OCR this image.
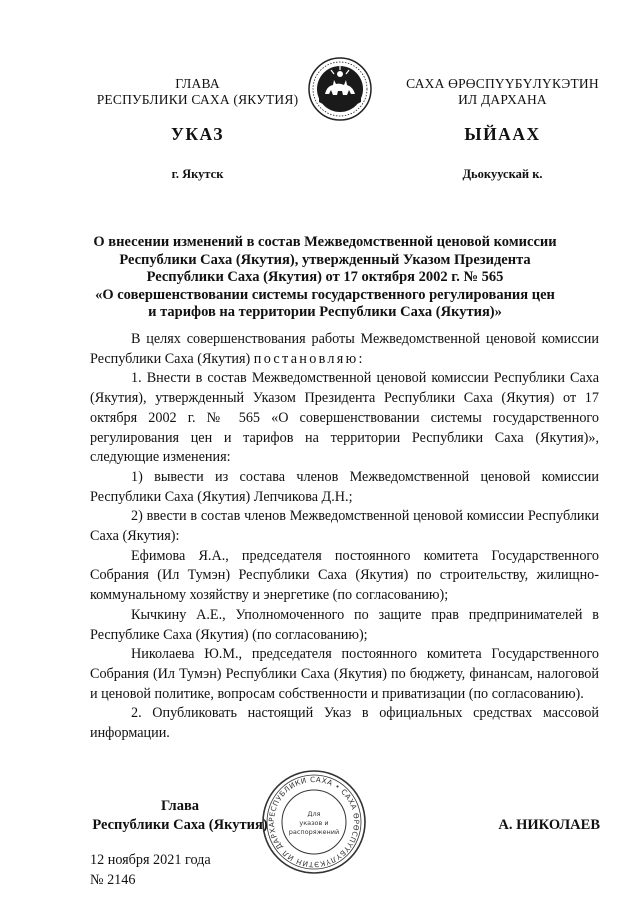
ГЛАВА
РЕСПУБЛИКИ САХА (ЯКУТИЯ)
САХА ӨРӨСПҮҮБҮЛҮКЭТИН
ИЛ ДАРХАНА
УКАЗ	ЫЙААХ
г. Якутск	Дьокуускай к.
О внесении изменений в состав Межведомственной ценовой комиссии
Республики Саха (Якутия), утвержденный Указом Президента
Республики Саха (Якутия) от 17 октября 2002 г. № 565
«О совершенствовании системы государственного регулирования цен
и тарифов на территории Республики Саха (Якутия)»

В целях совершенствования работы Межведомственной ценовой комиссии Республики Саха (Якутия) постановляю:

1. Внести в состав Межведомственной ценовой комиссии Республики Саха (Якутия), утвержденный Указом Президента Республики Саха (Якутия) от 17 октября 2002 г. № 565 «О совершенствовании системы государственного регулирования цен и тарифов на территории Республики Саха (Якутия)», следующие изменения:

1) вывести из состава членов Межведомственной ценовой комиссии Республики Саха (Якутия) Лепчикова Д.Н.;

2) ввести в состав членов Межведомственной ценовой комиссии Республики Саха (Якутия):

Ефимова Я.А., председателя постоянного комитета Государственного Собрания (Ил Тумэн) Республики Саха (Якутия) по строительству, жилищно-коммунальному хозяйству и энергетике (по согласованию);

Кычкину А.Е., Уполномоченного по защите прав предпринимателей в Республике Саха (Якутия) (по согласованию);

Николаева Ю.М., председателя постоянного комитета Государственного Собрания (Ил Тумэн) Республики Саха (Якутия) по бюджету, финансам, налоговой и ценовой политике, вопросам собственности и приватизации (по согласованию).

2. Опубликовать настоящий Указ в официальных средствах массовой информации.

Глава
Республики Саха (Якутия) РЕСПУБЛИКИ САХА • САХА ӨРӨСПҮҮБҮЛҮКЭТИН ИЛ ДАРХА
Для
указов и
распоряжений	А. НИКОЛАЕВ
12 ноября 2021 года
№ 2146
